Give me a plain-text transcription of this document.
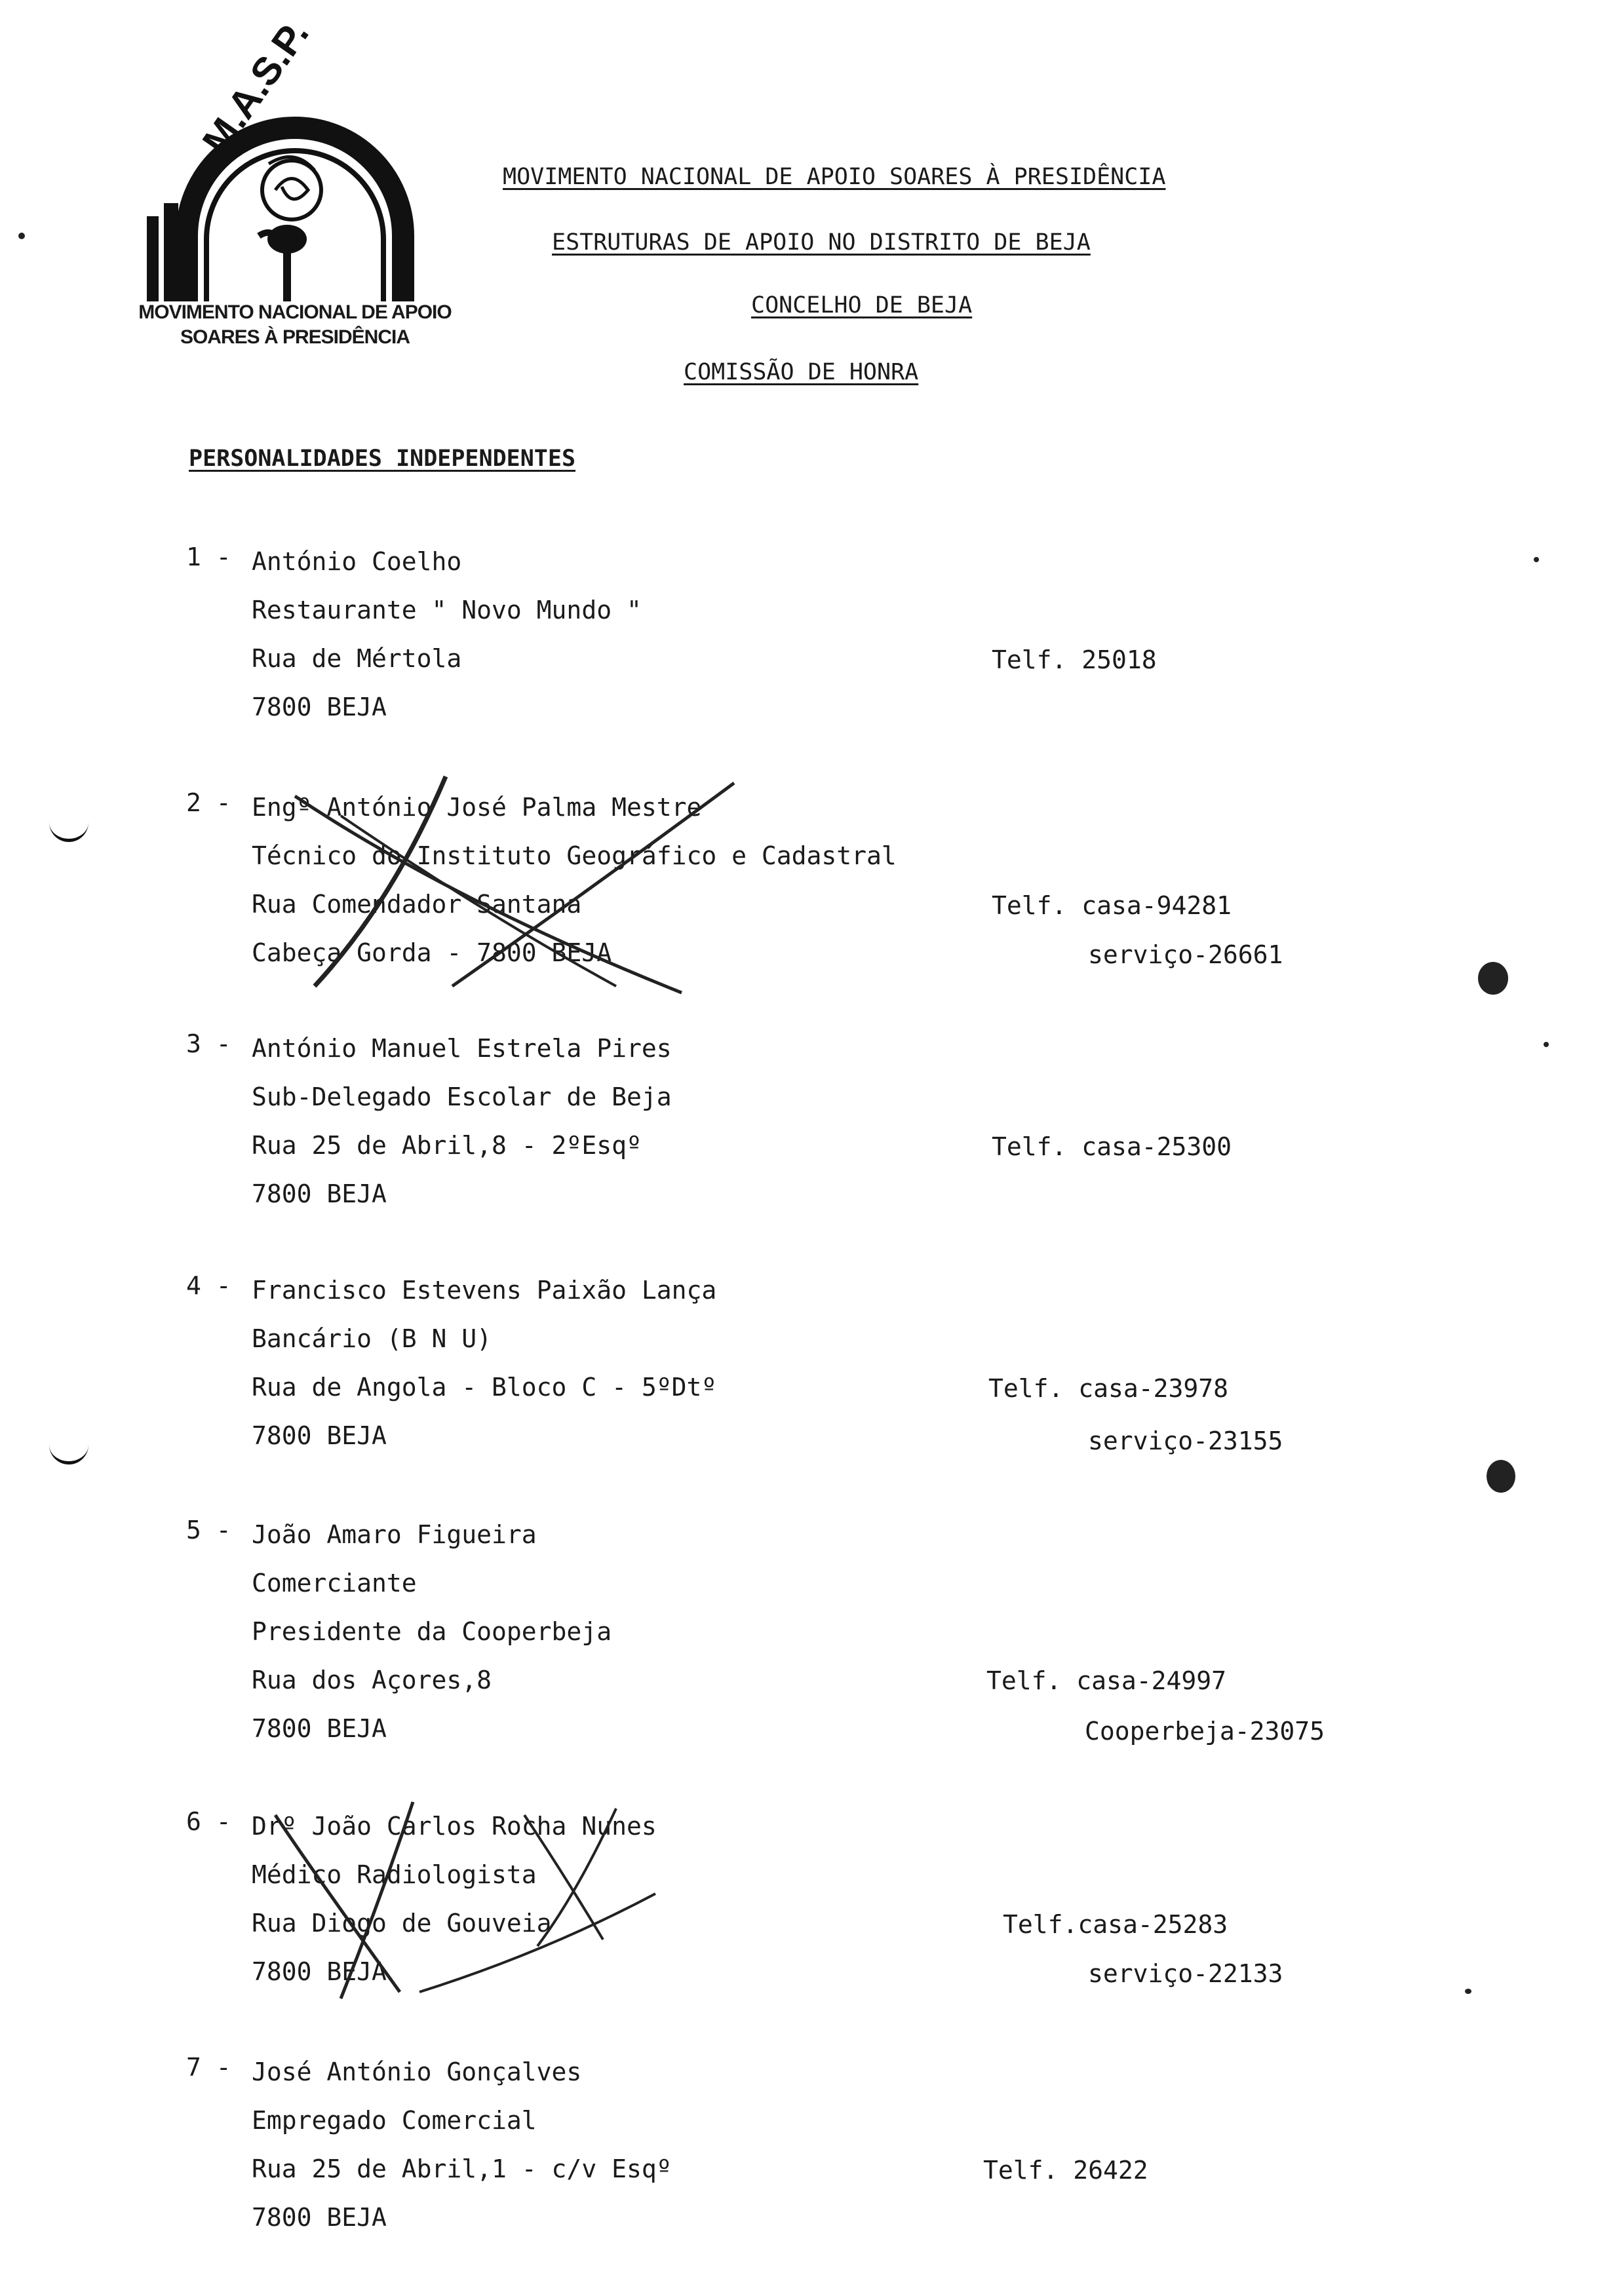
M.A.S.P.
MOVIMENTO NACIONAL DE APOIO
SOARES À PRESIDÊNCIA
MOVIMENTO NACIONAL DE APOIO SOARES À PRESIDÊNCIA
ESTRUTURAS DE APOIO NO DISTRITO DE BEJA
CONCELHO DE BEJA
COMISSÃO DE HONRA
PERSONALIDADES INDEPENDENTES
1 - António Coelho
Restaurante " Novo Mundo "
Rua de Mértola
7800 BEJA
Telf. 25018
2 - Engº António José Palma Mestre
Técnico do Instituto Geográfico e Cadastral
Rua Comendador Santana
Cabeça Gorda - 7800 BEJA
Telf. casa-94281
serviço-26661
3 - António Manuel Estrela Pires
Sub-Delegado Escolar de Beja
Rua 25 de Abril,8 - 2ºEsqº
7800 BEJA
Telf. casa-25300
4 - Francisco Estevens Paixão Lança
Bancário (B N U)
Rua de Angola - Bloco C - 5ºDtº
7800 BEJA
Telf. casa-23978
serviço-23155
5 - João Amaro Figueira
Comerciante
Presidente da Cooperbeja
Rua dos Açores,8
7800 BEJA
Telf. casa-24997
Cooperbeja-23075
6 - Drº João Carlos Rocha Nunes
Médico Radiologista
Rua Diogo de Gouveia
7800 BEJA
Telf.casa-25283
serviço-22133
7 - José António Gonçalves
Empregado Comercial
Rua 25 de Abril,1 - c/v Esqº
7800 BEJA
Telf. 26422
